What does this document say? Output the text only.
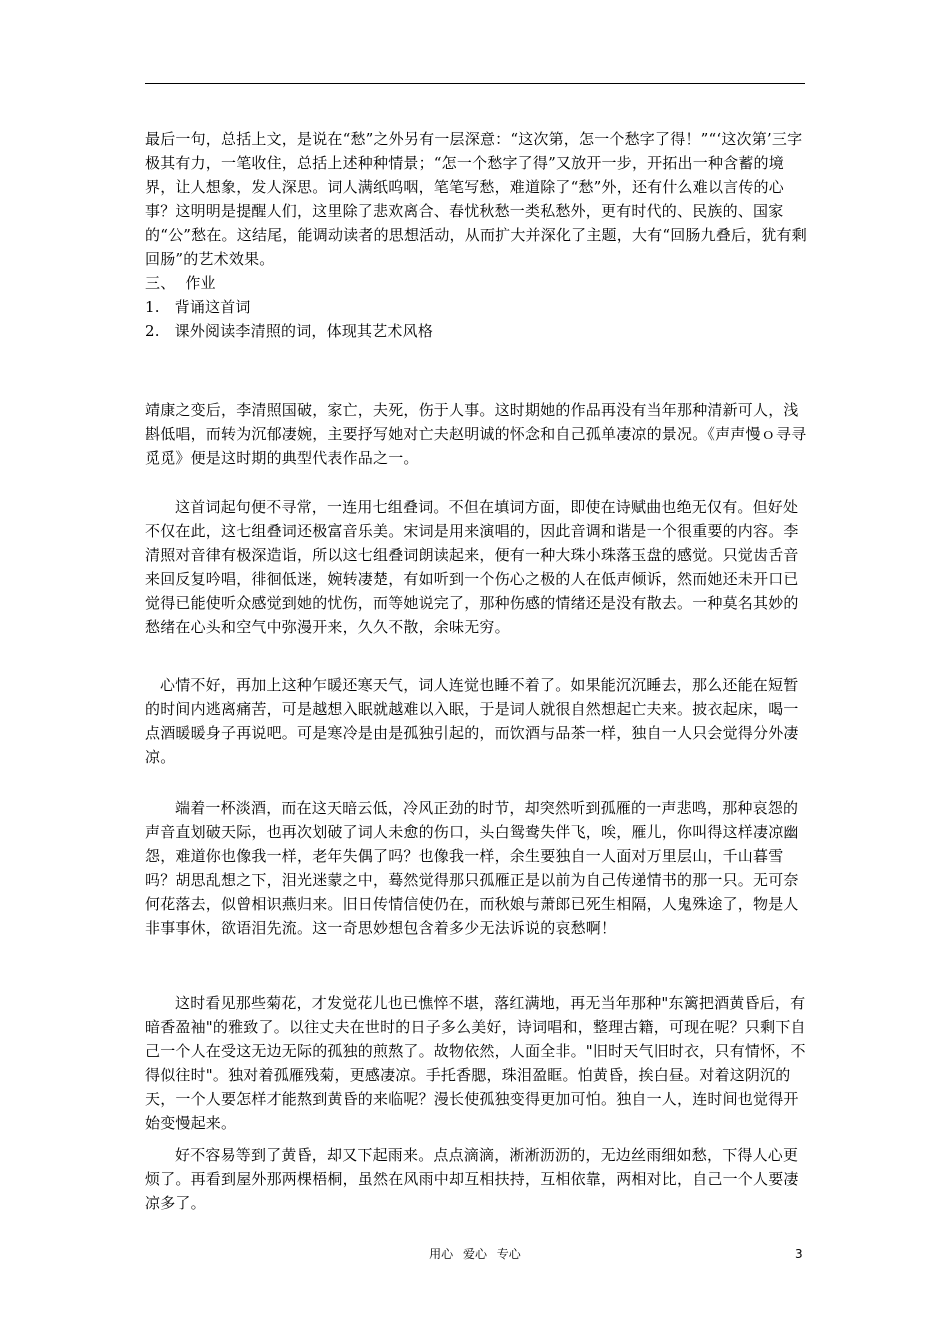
最后一句，总括上文，是说在“愁”之外另有一层深意：“这次第，怎一个愁字了得！”“‘这次第’三字极其有力，一笔收住，总括上述种种情景；“怎一个愁字了得”又放开一步，开拓出一种含蓄的境界，让人想象，发人深思。词人满纸呜咽，笔笔写愁，难道除了“愁”外，还有什么难以言传的心事？这明明是提醒人们，这里除了悲欢离合、春忧秋愁一类私愁外，更有时代的、民族的、国家的“公”愁在。这结尾，能调动读者的思想活动，从而扩大并深化了主题，大有“回肠九叠后，犹有剩回肠”的艺术效果。

三、  作业

1.   背诵这首词

2.   课外阅读李清照的词，体现其艺术风格

靖康之变后，李清照国破，家亡，夫死，伤于人事。这时期她的作品再没有当年那种清新可人，浅斟低唱，而转为沉郁凄婉，主要抒写她对亡夫赵明诚的怀念和自己孤单凄凉的景况。《声声慢ｏ寻寻觅觅》便是这时期的典型代表作品之一。

这首词起句便不寻常，一连用七组叠词。不但在填词方面，即使在诗赋曲也绝无仅有。但好处不仅在此，这七组叠词还极富音乐美。宋词是用来演唱的，因此音调和谐是一个很重要的内容。李清照对音律有极深造诣，所以这七组叠词朗读起来，便有一种大珠小珠落玉盘的感觉。只觉齿舌音来回反复吟唱，徘徊低迷，婉转凄楚，有如听到一个伤心之极的人在低声倾诉，然而她还未开口已觉得已能使听众感觉到她的忧伤，而等她说完了，那种伤感的情绪还是没有散去。一种莫名其妙的愁绪在心头和空气中弥漫开来，久久不散，余味无穷。

心情不好，再加上这种乍暖还寒天气，词人连觉也睡不着了。如果能沉沉睡去，那么还能在短暂的时间内逃离痛苦，可是越想入眠就越难以入眠，于是词人就很自然想起亡夫来。披衣起床，喝一点酒暖暖身子再说吧。可是寒冷是由是孤独引起的，而饮酒与品茶一样，独自一人只会觉得分外凄凉。

端着一杯淡酒，而在这天暗云低，冷风正劲的时节，却突然听到孤雁的一声悲鸣，那种哀怨的声音直划破天际，也再次划破了词人未愈的伤口，头白鸳鸯失伴飞，唉，雁儿，你叫得这样凄凉幽怨，难道你也像我一样，老年失偶了吗？也像我一样，余生要独自一人面对万里层山，千山暮雪吗？胡思乱想之下，泪光迷蒙之中，蓦然觉得那只孤雁正是以前为自己传递情书的那一只。无可奈何花落去，似曾相识燕归来。旧日传情信使仍在，而秋娘与萧郎已死生相隔，人鬼殊途了，物是人非事事休，欲语泪先流。这一奇思妙想包含着多少无法诉说的哀愁啊！

这时看见那些菊花，才发觉花儿也已憔悴不堪，落红满地，再无当年那种"东篱把酒黄昏后，有暗香盈袖"的雅致了。以往丈夫在世时的日子多么美好，诗词唱和，整理古籍，可现在呢？只剩下自己一个人在受这无边无际的孤独的煎熬了。故物依然，人面全非。"旧时天气旧时衣，只有情怀，不得似往时"。独对着孤雁残菊，更感凄凉。手托香腮，珠泪盈眶。怕黄昏，挨白昼。对着这阴沉的天，一个人要怎样才能熬到黄昏的来临呢？漫长使孤独变得更加可怕。独自一人，连时间也觉得开始变慢起来。

好不容易等到了黄昏，却又下起雨来。点点滴滴，淅淅沥沥的，无边丝雨细如愁，下得人心更烦了。再看到屋外那两棵梧桐，虽然在风雨中却互相扶持，互相依靠，两相对比，自己一个人要凄凉多了。

用心 爱心 专心	3
